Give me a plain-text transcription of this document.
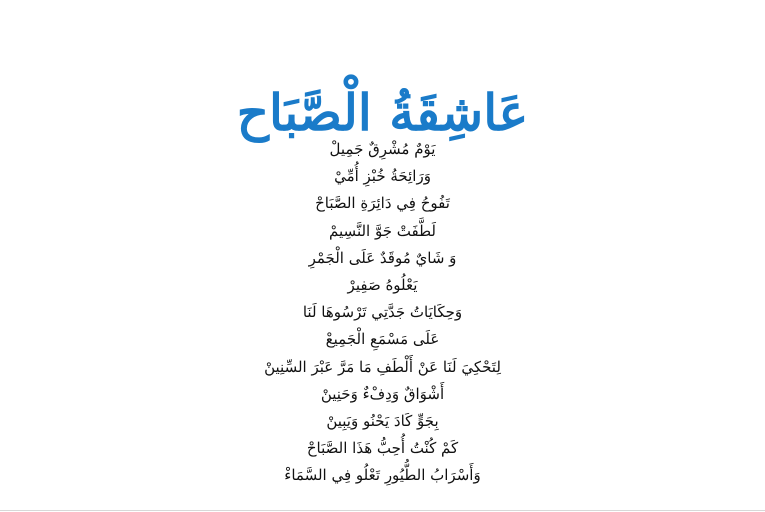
عَاشِقَةُ الْصَّبَاح
يَوْمٌ مُشْرِقٌ جَمِيلْ
وَرَائِحَةُ خُبْزِ أُمِّيْ
تَفُوحُ فِي دَائِرَةِ الصَّبَاحْ
لَطَّفَتْ جَوَّ النَّسِيمْ
وَ شَايٌ مُوقَدٌ عَلَى الْجَمْرِ
يَعْلُوهُ صَفِيرْ
وَحِكَايَاتُ جَدَّتِي تَرْسُوهَا لَنَا
عَلَى مَسْمَعِ الْجَمِيعْ
لِتَحْكِيَ لَنَا عَنْ أَلْطَفِ مَا مَرَّ عَبْرَ السِّنِينْ
أَشْوَاقٌ وَدِفْءٌ وَحَنِينْ
بِجَوٍّ كَادَ يَحْنُو وَيَبِينْ
كَمْ كُنْتُ أُحِبُّ هَذَا الصَّبَاحْ
وَأَسْرَابُ الطُّيُورِ تَعْلُو فِي السَّمَاءْ
